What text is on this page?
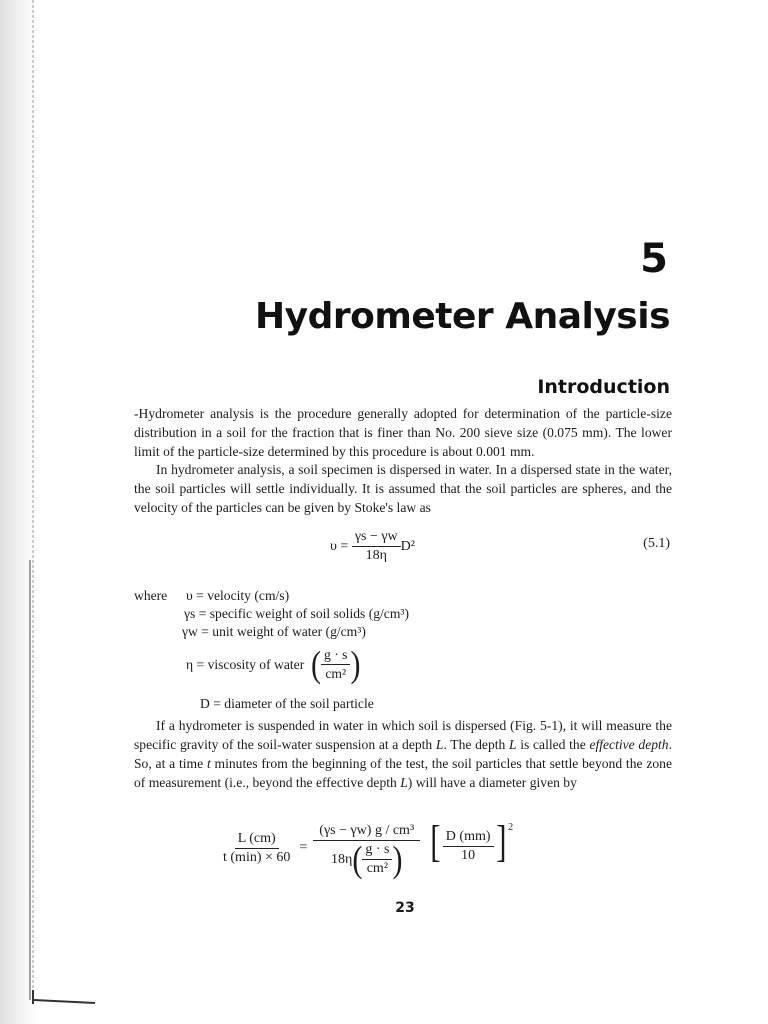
5
Hydrometer Analysis
Introduction

-Hydrometer analysis is the procedure generally adopted for determination of the particle-size distribution in a soil for the fraction that is finer than No. 200 sieve size (0.075 mm). The lower limit of the particle-size determined by this procedure is about 0.001 mm.

In hydrometer analysis, a soil specimen is dispersed in water. In a dispersed state in the water, the soil particles will settle individually. It is assumed that the soil particles are spheres, and the velocity of the particles can be given by Stoke's law as

υ =
$\frac{\gamma s - \gamma w}{18\eta} D^2$	(5.1)
where υ = velocity (cm/s)
γs = specific weight of soil solids (g/cm³)
γw = unit weight of water (g/cm³)
η = viscosity of water
( $\frac{g \cdot s}{\text{cm²}}$ )
D = diameter of the soil particle

If a hydrometer is suspended in water in which soil is dispersed (Fig. 5-1), it will measure the specific gravity of the soil-water suspension at a depth L. The depth L is called the effective depth. So, at a time t minutes from the beginning of the test, the soil particles that settle beyond the zone of measurement (i.e., beyond the effective depth L) will have a diameter given by

$\frac{L (cm)}{t (\min) \times 60} = \frac{\text{(γs − γw) g / cm³}}{18\eta ( \frac{g \cdot s}{\text{cm²}} )}$ [ $\frac{D (mm)}{10} ]^2$
23
